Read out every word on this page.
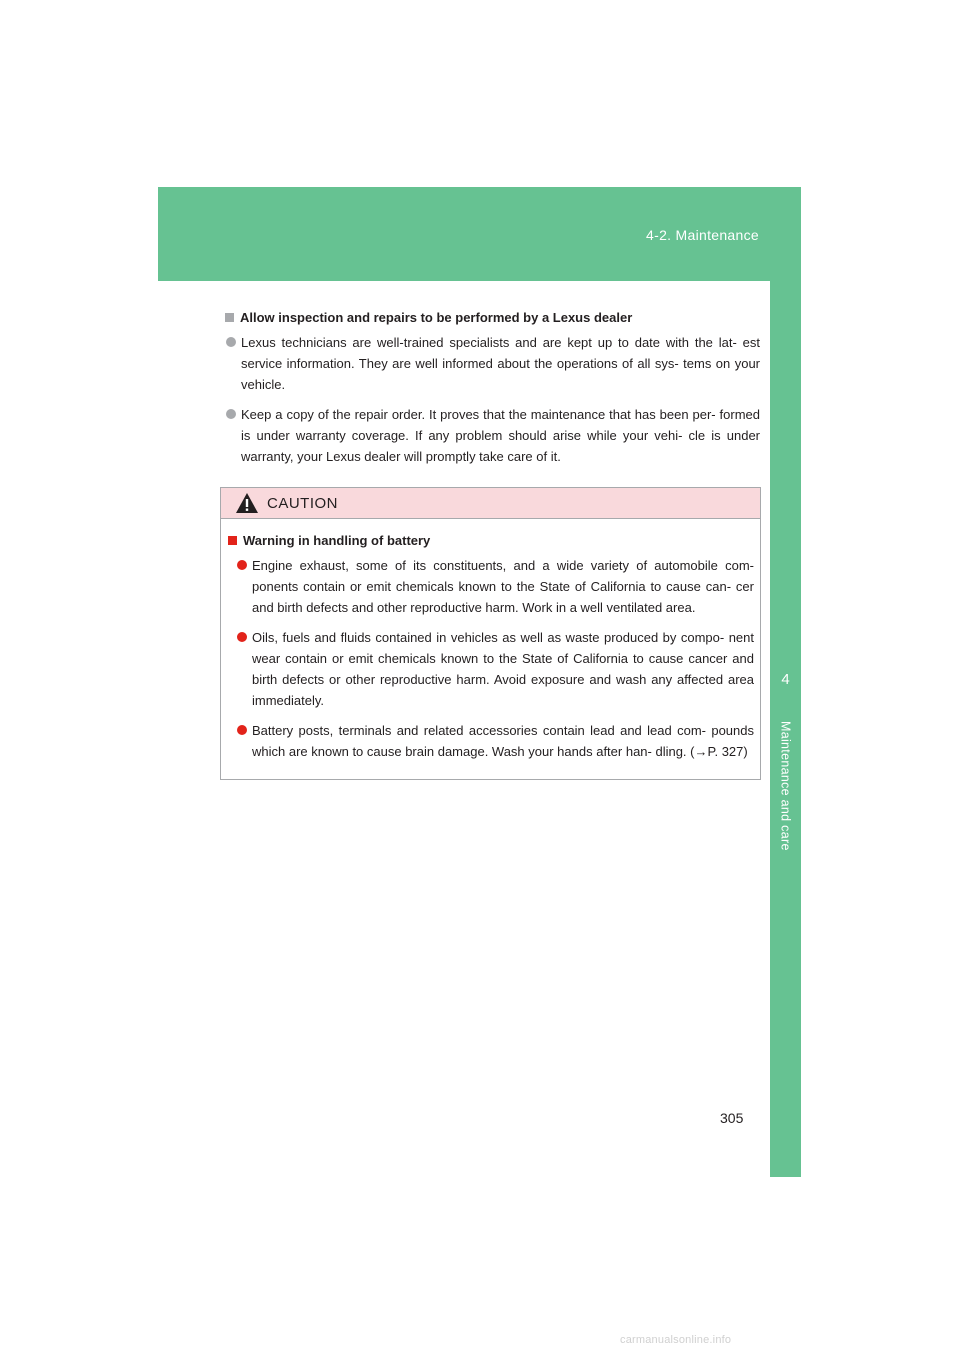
4-2. Maintenance
4
Maintenance and care
Allow inspection and repairs to be performed by a Lexus dealer
Lexus technicians are well-trained specialists and are kept up to date with the lat- est service information. They are well informed about the operations of all sys- tems on your vehicle.
Keep a copy of the repair order. It proves that the maintenance that has been per- formed is under warranty coverage. If any problem should arise while your vehi- cle is under warranty, your Lexus dealer will promptly take care of it.
CAUTION
Warning in handling of battery
Engine exhaust, some of its constituents, and a wide variety of automobile com- ponents contain or emit chemicals known to the State of California to cause can- cer and birth defects and other reproductive harm. Work in a well ventilated area.
Oils, fuels and fluids contained in vehicles as well as waste produced by compo- nent wear contain or emit chemicals known to the State of California to cause cancer and birth defects or other reproductive harm. Avoid exposure and wash any affected area immediately.
Battery posts, terminals and related accessories contain lead and lead com- pounds which are known to cause brain damage. Wash your hands after han- dling. (→P. 327)
305
carmanualsonline.info
